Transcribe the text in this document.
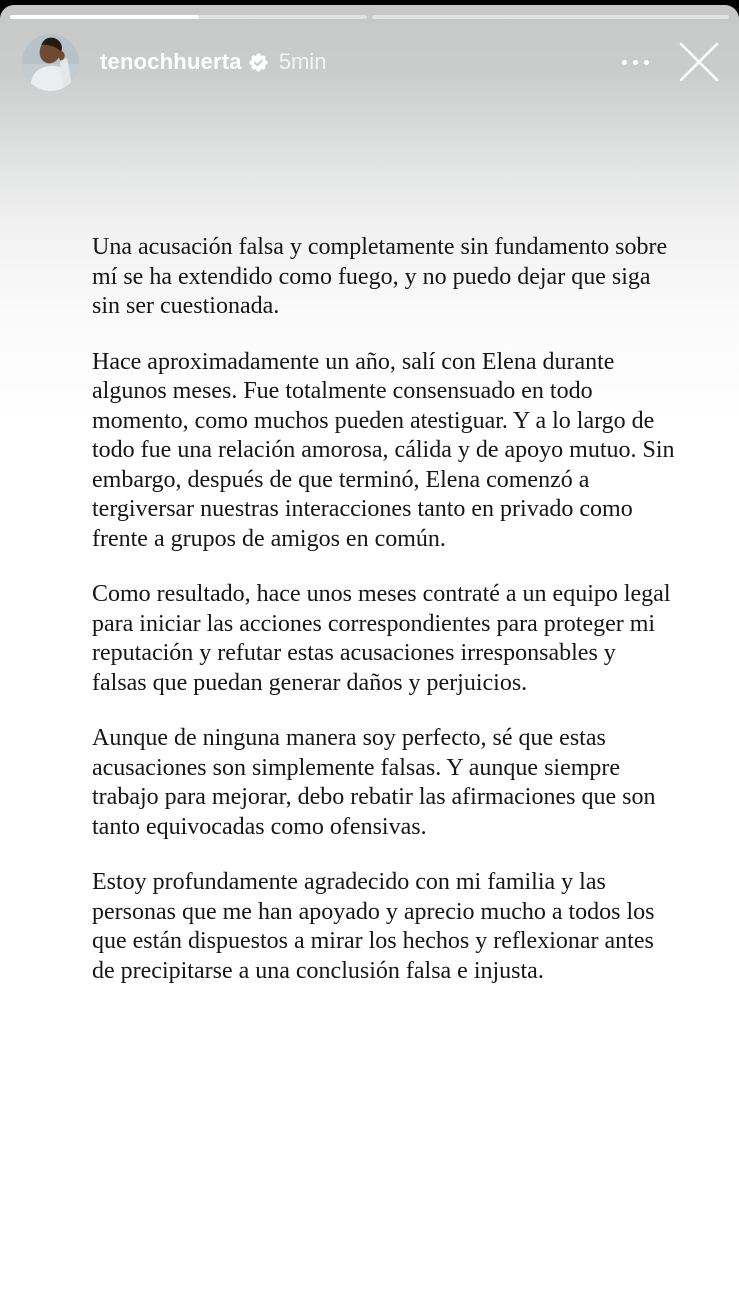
tenochhuerta 5min

Una acusación falsa y completamente sin fundamento sobre mí se ha extendido como fuego, y no puedo dejar que siga sin ser cuestionada.

Hace aproximadamente un año, salí con Elena durante algunos meses. Fue totalmente consensuado en todo momento, como muchos pueden atestiguar. Y a lo largo de todo fue una relación amorosa, cálida y de apoyo mutuo. Sin embargo, después de que terminó, Elena comenzó a tergiversar nuestras interacciones tanto en privado como frente a grupos de amigos en común.

Como resultado, hace unos meses contraté a un equipo legal para iniciar las acciones correspondientes para proteger mi reputación y refutar estas acusaciones irresponsables y falsas que puedan generar daños y perjuicios.

Aunque de ninguna manera soy perfecto, sé que estas acusaciones son simplemente falsas. Y aunque siempre trabajo para mejorar, debo rebatir las afirmaciones que son tanto equivocadas como ofensivas.

Estoy profundamente agradecido con mi familia y las personas que me han apoyado y aprecio mucho a todos los que están dispuestos a mirar los hechos y reflexionar antes de precipitarse a una conclusión falsa e injusta.
